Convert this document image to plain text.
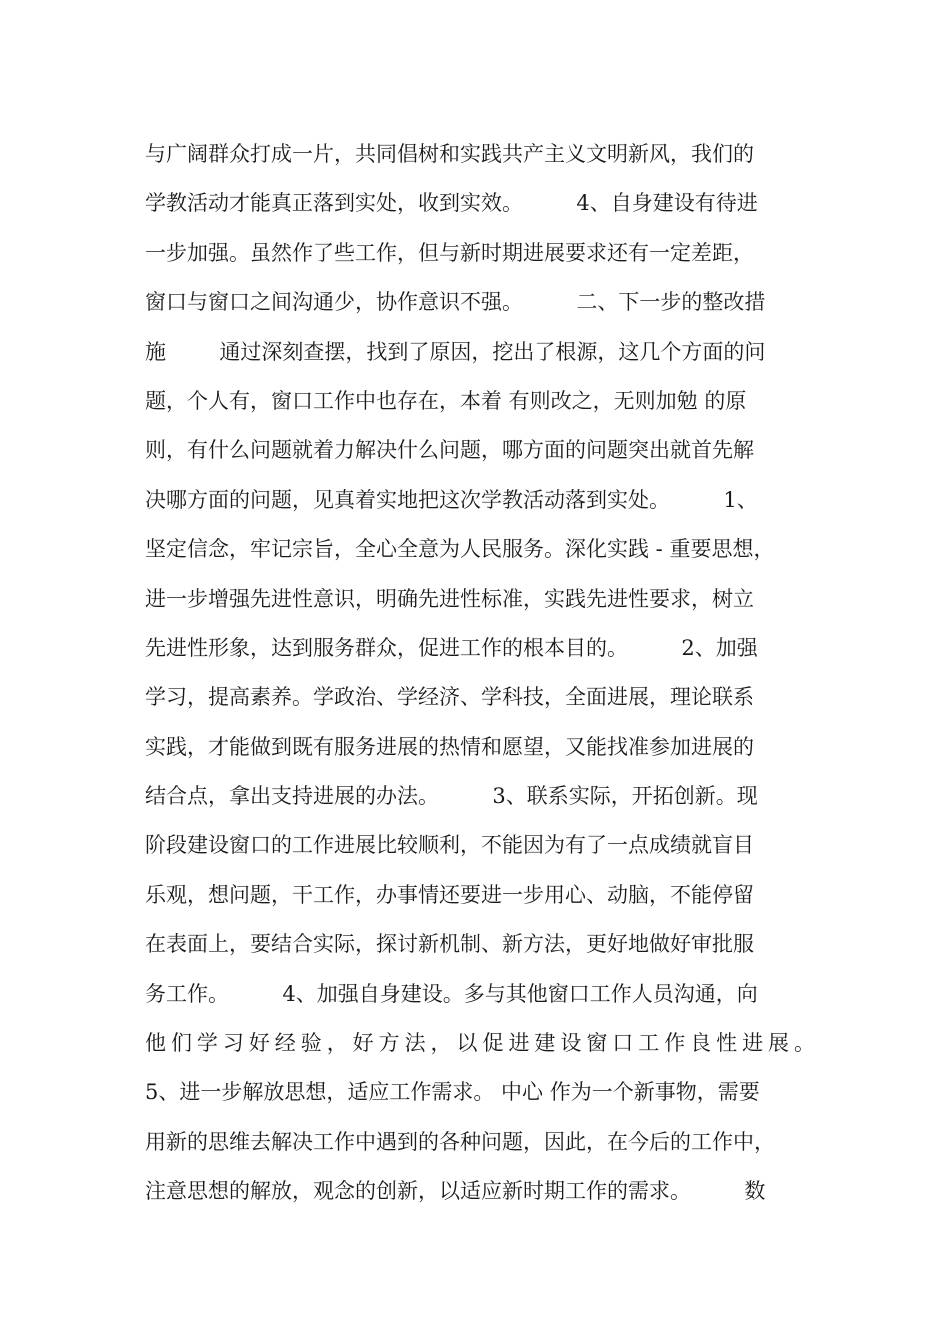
与广阔群众打成一片，共同倡树和实践共产主义文明新风，我们的
学教活动才能真正落到实处，收到实效。        4、自身建设有待进
一步加强。虽然作了些工作，但与新时期进展要求还有一定差距，
窗口与窗口之间沟通少，协作意识不强。        二、下一步的整改措
施        通过深刻查摆，找到了原因，挖出了根源，这几个方面的问
题，个人有，窗口工作中也存在，本着 有则改之，无则加勉 的原
则，有什么问题就着力解决什么问题，哪方面的问题突出就首先解
决哪方面的问题，见真着实地把这次学教活动落到实处。        1、
坚定信念，牢记宗旨，全心全意为人民服务。深化实践 - 重要思想，
进一步增强先进性意识，明确先进性标准，实践先进性要求，树立
先进性形象，达到服务群众，促进工作的根本目的。        2、加强
学习，提高素养。学政治、学经济、学科技，全面进展，理论联系
实践，才能做到既有服务进展的热情和愿望，又能找准参加进展的
结合点，拿出支持进展的办法。        3、联系实际，开拓创新。现
阶段建设窗口的工作进展比较顺利，不能因为有了一点成绩就盲目
乐观，想问题，干工作，办事情还要进一步用心、动脑，不能停留
在表面上，要结合实际，探讨新机制、新方法，更好地做好审批服
务工作。        4、加强自身建设。多与其他窗口工作人员沟通，向
他们学习好经验，好方法，以促进建设窗口工作良性进展。
5、进一步解放思想，适应工作需求。 中心 作为一个新事物，需要
用新的思维去解决工作中遇到的各种问题，因此，在今后的工作中，
注意思想的解放，观念的创新，以适应新时期工作的需求。        数
